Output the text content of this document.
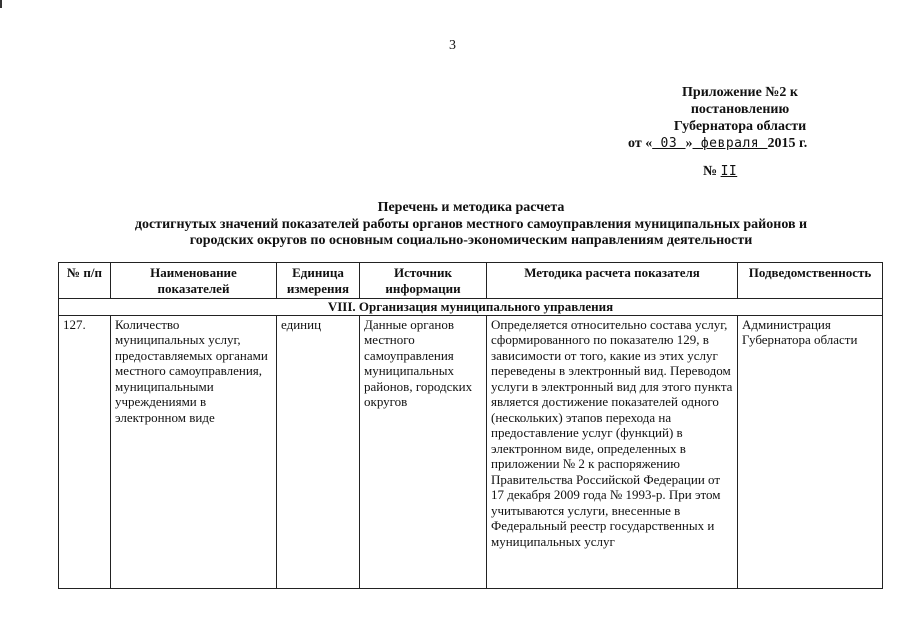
3
Приложение №2 к
постановлению
Губернатора области
от « 03 » февраля 2015 г.
№ II
Перечень и методика расчета
достигнутых значений показателей работы органов местного самоуправления муниципальных районов и
городских округов по основным социально-экономическим направлениям деятельности
№ п/п	Наименование показателей	Единица измерения	Источник информации	Методика расчета показателя	Подведомственность
VIII. Организация муниципального управления					
127.	Количество муниципальных услуг, предоставляемых органами местного самоуправления, муниципальными учреждениями в электронном виде	единиц	Данные органов местного самоуправления муниципальных районов, городских округов	Определяется относительно состава услуг, сформированного по показателю 129, в зависимости от того, какие из этих услуг переведены в электронный вид. Переводом услуги в электронный вид для этого пункта является достижение показателей одного (нескольких) этапов перехода на предоставление услуг (функций) в электронном виде, определенных в приложении № 2 к распоряжению Правительства Российской Федерации от 17 декабря 2009 года № 1993-р. При этом учитываются услуги, внесенные в Федеральный реестр государственных и муниципальных услуг	Администрация Губернатора области
